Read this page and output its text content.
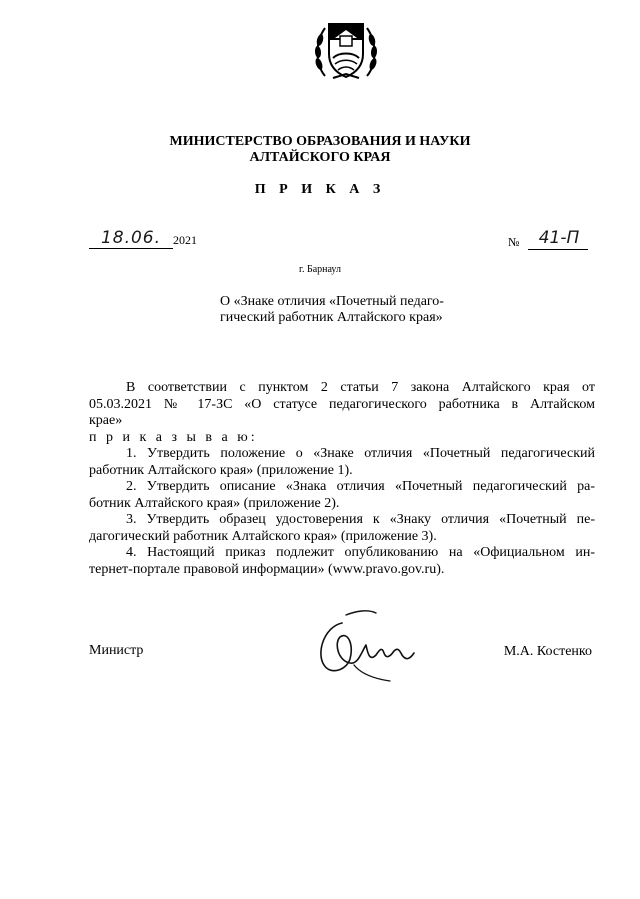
МИНИСТЕРСТВО ОБРАЗОВАНИЯ И НАУКИ
АЛТАЙСКОГО КРАЯ
П Р И К А З
18.06. 2021	№	41-П
г. Барнаул
О «Знаке отличия «Почетный педаго-
гический работник Алтайского края»
В соответствии с пунктом 2 статьи 7 закона Алтайского края от
05.03.2021 № 17-ЗС «О статусе педагогического работника в Алтайском
крае»
п р и к а з ы в а ю:
1. Утвердить положение о «Знаке отличия «Почетный педагогический
работник Алтайского края» (приложение 1).
2. Утвердить описание «Знака отличия «Почетный педагогический ра-
ботник Алтайского края» (приложение 2).
3. Утвердить образец удостоверения к «Знаку отличия «Почетный пе-
дагогический работник Алтайского края» (приложение 3).
4. Настоящий приказ подлежит опубликованию на «Официальном ин-
тернет-портале правовой информации» (www.pravo.gov.ru).
Министр	М.А. Костенко
